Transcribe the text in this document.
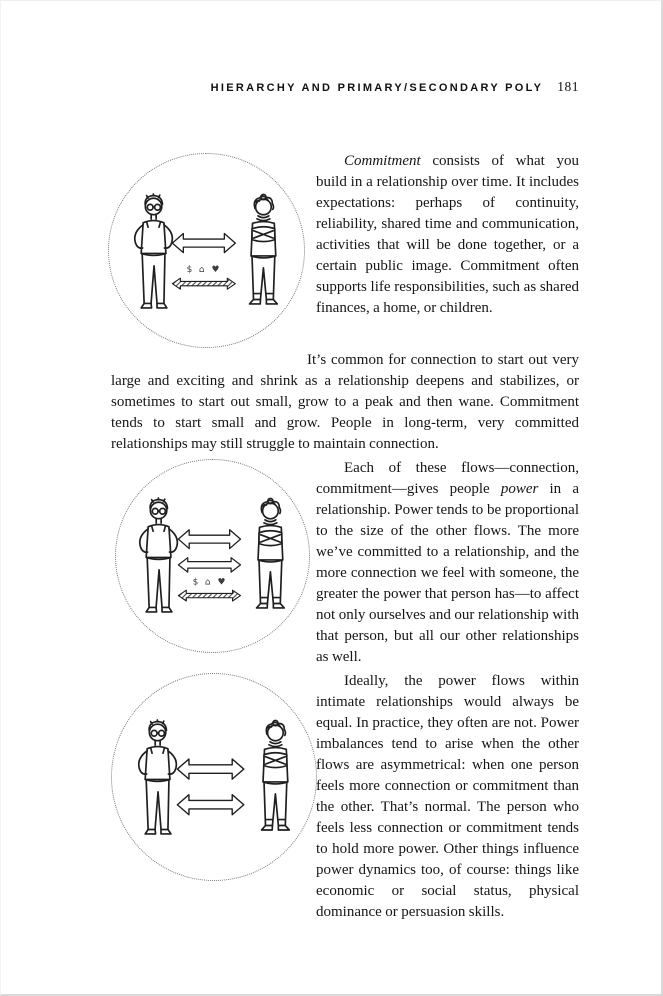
HIERARCHY AND PRIMARY/SECONDARY POLY 181
$ ⌂ ♥
$ ⌂ ♥

Commitment consists of what you build in a relationship over time. It includes expectations: perhaps of continuity, reliability, shared time and communication, activities that will be done together, or a certain public image. Commitment often supports life responsibilities, such as shared finances, a home, or children.

It’s common for connection to start out very large and exciting and shrink as a relationship deepens and stabilizes, or sometimes to start out small, grow to a peak and then wane. Commitment tends to start small and grow. People in long-term, very committed relationships may still struggle to maintain connection.

Each of these flows—connection, commitment—gives people power in a relationship. Power tends to be proportional to the size of the other flows. The more we’ve committed to a relationship, and the more connection we feel with someone, the greater the power that person has—to affect not only ourselves and our relationship with that person, but all our other relationships as well.

Ideally, the power flows within intimate relationships would always be equal. In practice, they often are not. Power imbalances tend to arise when the other flows are asymmetrical: when one person feels more connection or commitment than the other. That’s normal. The person who feels less connection or commitment tends to hold more power. Other things influence power dynamics too, of course: things like economic or social status, physical dominance or persuasion skills.
